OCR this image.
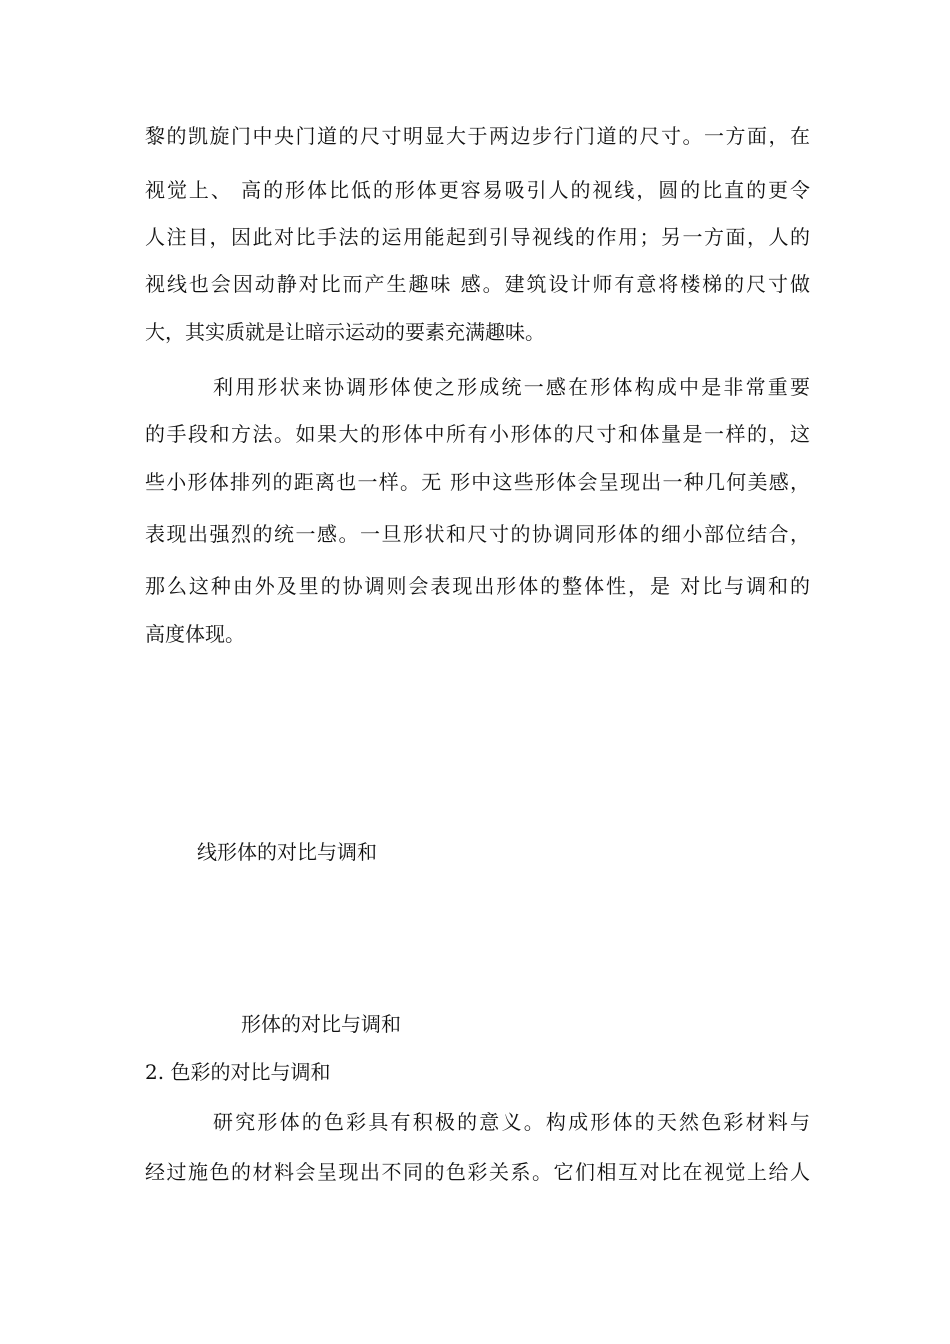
黎的凯旋门中央门道的尺寸明显大于两边步行门道的尺寸。一方面，在
视觉上、 高的形体比低的形体更容易吸引人的视线，圆的比直的更令
人注目，因此对比手法的运用能起到引导视线的作用；另一方面，人的
视线也会因动静对比而产生趣味 感。建筑设计师有意将楼梯的尺寸做
大，其实质就是让暗示运动的要素充满趣味。
利用形状来协调形体使之形成统一感在形体构成中是非常重要
的手段和方法。如果大的形体中所有小形体的尺寸和体量是一样的，这
些小形体排列的距离也一样。无 形中这些形体会呈现出一种几何美感，
表现出强烈的统一感。一旦形状和尺寸的协调同形体的细小部位结合，
那么这种由外及里的协调则会表现出形体的整体性，是 对比与调和的
高度体现。
线形体的对比与调和
形体的对比与调和
2. 色彩的对比与调和
研究形体的色彩具有积极的意义。构成形体的天然色彩材料与
经过施色的材料会呈现出不同的色彩关系。它们相互对比在视觉上给人
